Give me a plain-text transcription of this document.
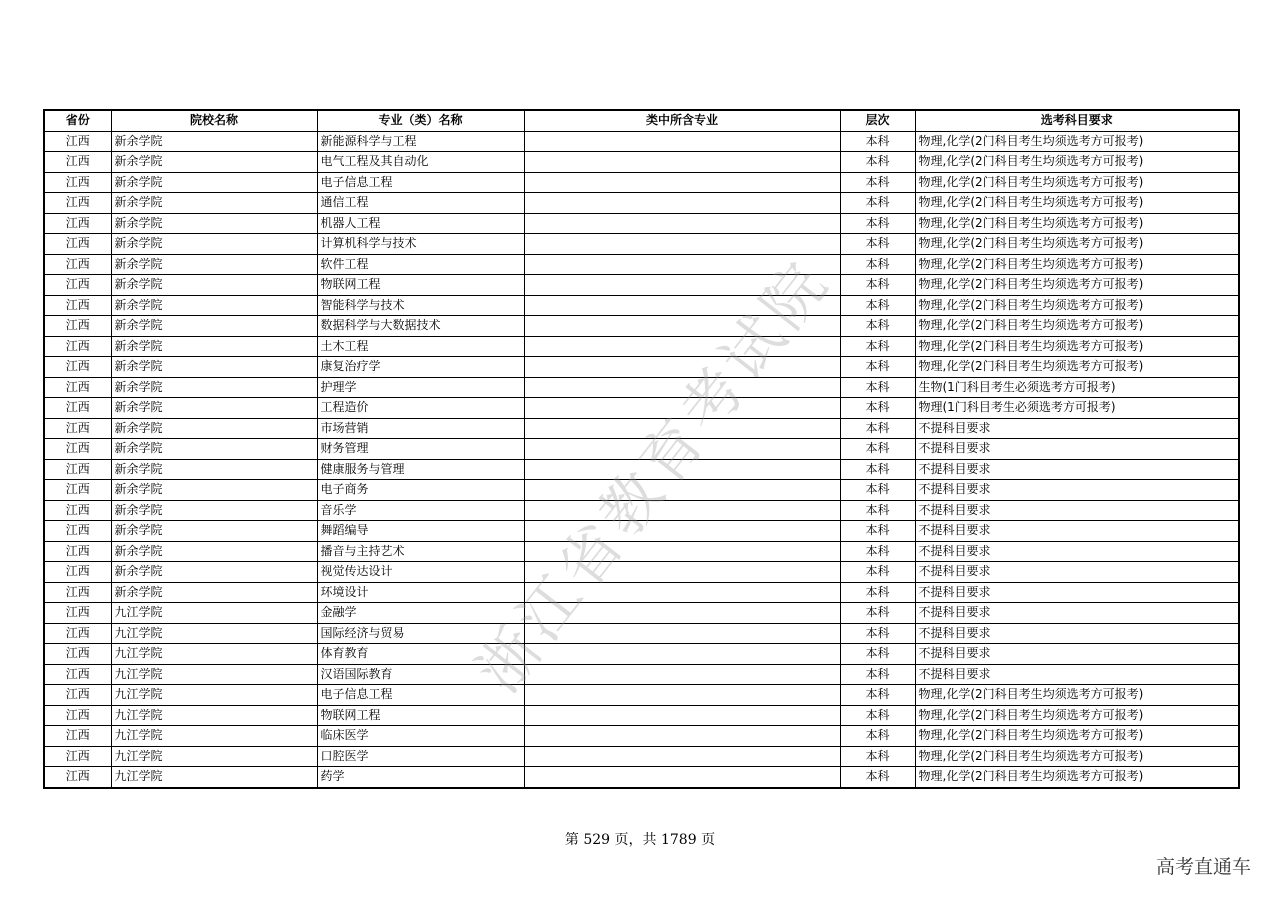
省份	院校名称	专业（类）名称	类中所含专业	层次	选考科目要求
江西	新余学院	新能源科学与工程		本科	物理,化学(2门科目考生均须选考方可报考)
江西	新余学院	电气工程及其自动化		本科	物理,化学(2门科目考生均须选考方可报考)
江西	新余学院	电子信息工程		本科	物理,化学(2门科目考生均须选考方可报考)
江西	新余学院	通信工程		本科	物理,化学(2门科目考生均须选考方可报考)
江西	新余学院	机器人工程		本科	物理,化学(2门科目考生均须选考方可报考)
江西	新余学院	计算机科学与技术		本科	物理,化学(2门科目考生均须选考方可报考)
江西	新余学院	软件工程		本科	物理,化学(2门科目考生均须选考方可报考)
江西	新余学院	物联网工程		本科	物理,化学(2门科目考生均须选考方可报考)
江西	新余学院	智能科学与技术		本科	物理,化学(2门科目考生均须选考方可报考)
江西	新余学院	数据科学与大数据技术		本科	物理,化学(2门科目考生均须选考方可报考)
江西	新余学院	土木工程		本科	物理,化学(2门科目考生均须选考方可报考)
江西	新余学院	康复治疗学		本科	物理,化学(2门科目考生均须选考方可报考)
江西	新余学院	护理学		本科	生物(1门科目考生必须选考方可报考)
江西	新余学院	工程造价		本科	物理(1门科目考生必须选考方可报考)
江西	新余学院	市场营销		本科	不提科目要求
江西	新余学院	财务管理		本科	不提科目要求
江西	新余学院	健康服务与管理		本科	不提科目要求
江西	新余学院	电子商务		本科	不提科目要求
江西	新余学院	音乐学		本科	不提科目要求
江西	新余学院	舞蹈编导		本科	不提科目要求
江西	新余学院	播音与主持艺术		本科	不提科目要求
江西	新余学院	视觉传达设计		本科	不提科目要求
江西	新余学院	环境设计		本科	不提科目要求
江西	九江学院	金融学		本科	不提科目要求
江西	九江学院	国际经济与贸易		本科	不提科目要求
江西	九江学院	体育教育		本科	不提科目要求
江西	九江学院	汉语国际教育		本科	不提科目要求
江西	九江学院	电子信息工程		本科	物理,化学(2门科目考生均须选考方可报考)
江西	九江学院	物联网工程		本科	物理,化学(2门科目考生均须选考方可报考)
江西	九江学院	临床医学		本科	物理,化学(2门科目考生均须选考方可报考)
江西	九江学院	口腔医学		本科	物理,化学(2门科目考生均须选考方可报考)
江西	九江学院	药学		本科	物理,化学(2门科目考生均须选考方可报考)
浙江省教育考试院
第 529 页，共 1789 页
高考直通车
